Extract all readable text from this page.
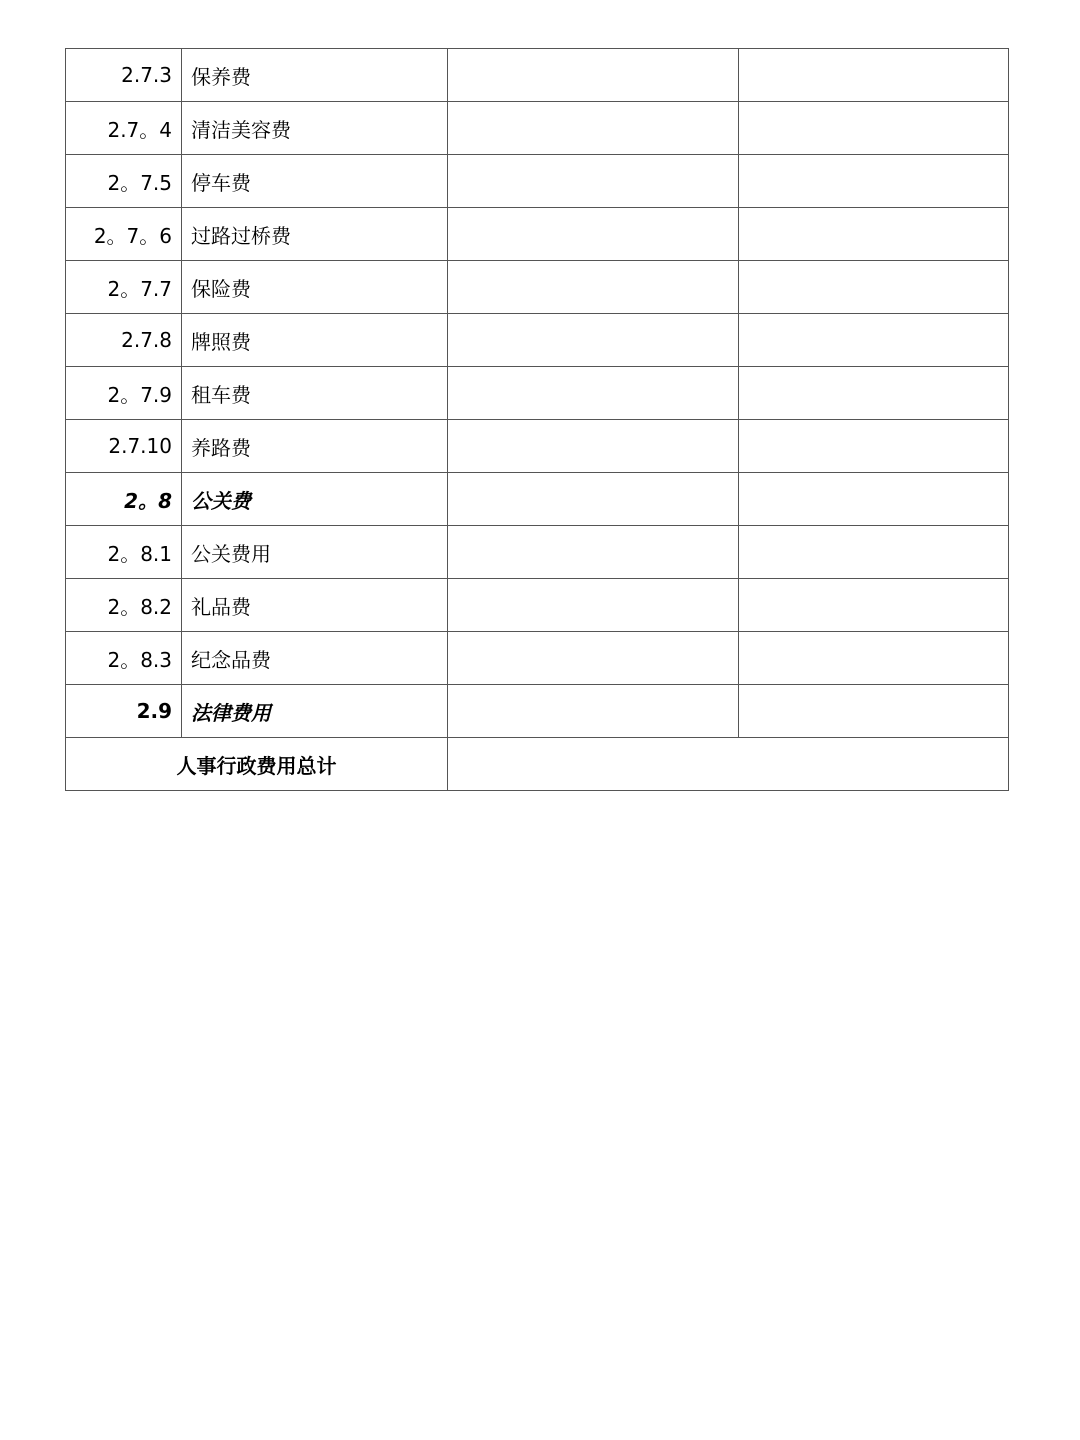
2.7.3	保养费		
2.7。4	清洁美容费		
2。7.5	停车费		
2。7。6	过路过桥费		
2。7.7	保险费		
2.7.8	牌照费		
2。7.9	租车费		
2.7.10	养路费		
2。8	公关费		
2。8.1	公关费用		
2。8.2	礼品费		
2。8.3	纪念品费		
2.9	法律费用		
人事行政费用总计			
